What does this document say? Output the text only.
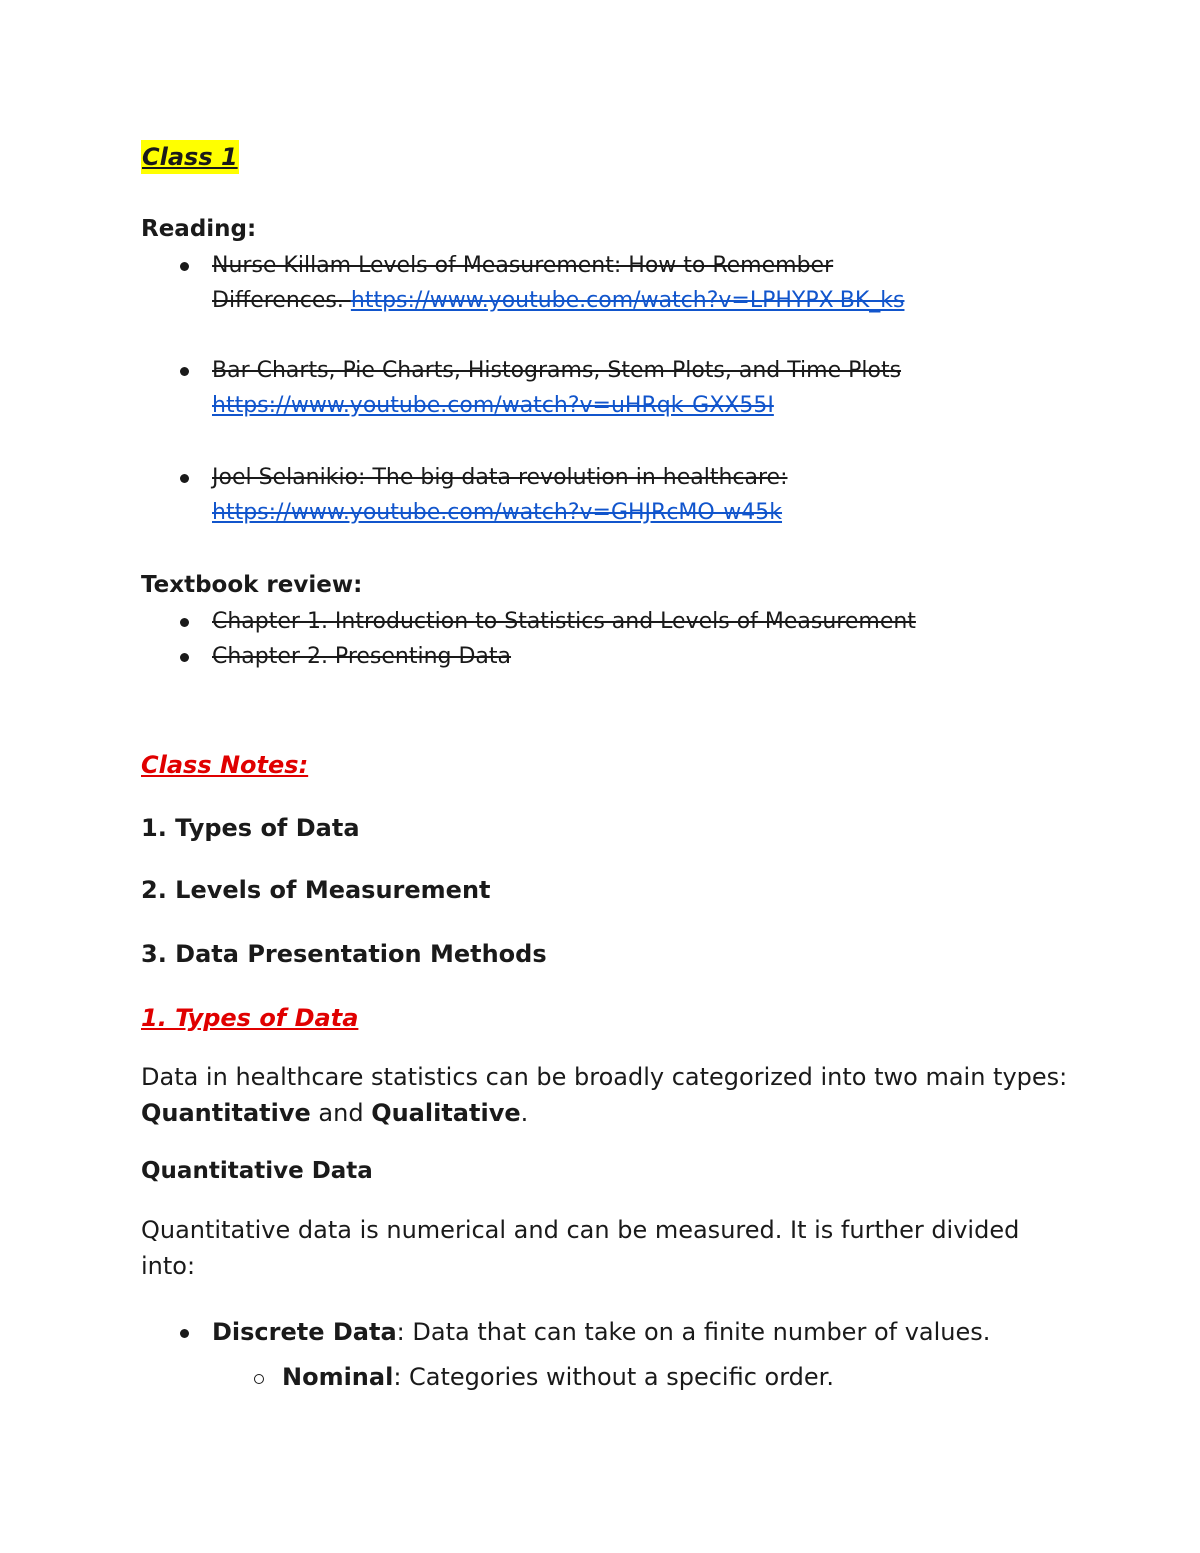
Class 1
Reading:
Nurse Killam Levels of Measurement: How to Remember
Differences. https://www.youtube.com/watch?v=LPHYPX-BK_ks
Bar Charts, Pie Charts, Histograms, Stem Plots, and Time Plots
https://www.youtube.com/watch?v=uHRqk-GXX55I
Joel Selanikio: The big data revolution in healthcare:
https://www.youtube.com/watch?v=GHJRcMO-w45k
Textbook review:
Chapter 1. Introduction to Statistics and Levels of Measurement
Chapter 2. Presenting Data
Class Notes:
1. Types of Data
2. Levels of Measurement
3. Data Presentation Methods
1. Types of Data
Data in healthcare statistics can be broadly categorized into two main types: Quantitative and Qualitative.
Quantitative Data
Quantitative data is numerical and can be measured. It is further divided into:
Discrete Data: Data that can take on a finite number of values.
Nominal: Categories without a specific order.
